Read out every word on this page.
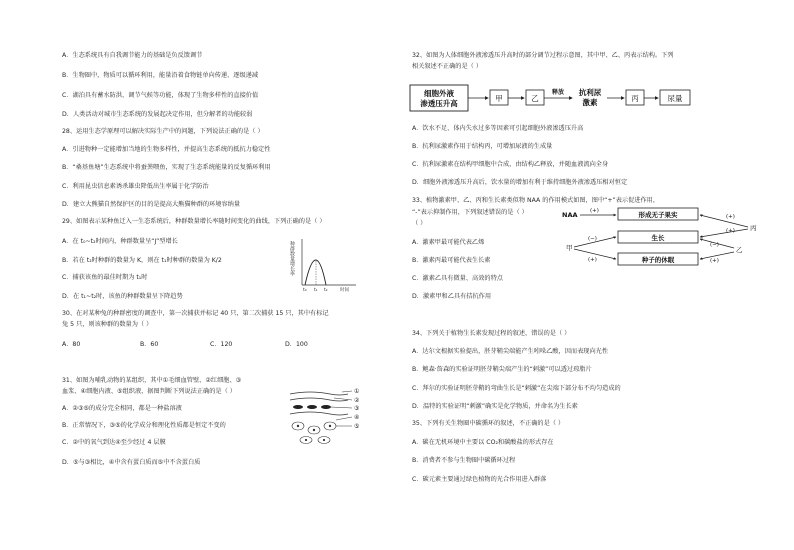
A．生态系统具有自我调节能力的基础是负反馈调节
B．生物圈中，物质可以循环利用，能量沿着食物链单向传递、逐级递减
C．湖泊具有蓄水防洪、调节气候等功能，体现了生物多样性的直接价值
D．人类活动对城市生态系统的发展起决定作用，但分解者的功能较弱
28、运用生态学原理可以解决实际生产中的问题，下列说法正确的是（ ）
A．引进物种一定能增加当地的生物多样性，并提高生态系统的抵抗力稳定性
B．“桑基鱼塘”生态系统中将蚕粪喂鱼，实现了生态系统能量的反复循环利用
C．利用昆虫信息素诱杀雄虫降低出生率属于化学防治
D．建立大熊猫自然保护区的目的是提高大熊猫种群的环境容纳量
29、如图表示某种鱼迁入一生态系统后，种群数量增长率随时间变化的曲线，下列正确的是（ ）
A．在 t₀~t₂时间内，种群数量呈“J”型增长
B．若在 t₂时种群的数量为 K，则在 t₁时种群的数量为 K/2
C．捕获该鱼的最佳时期为 t₁时
D．在 t₁~t₂时，该鱼的种群数量呈下降趋势
种群数量增长率
t₀ t₁ t₂	时间
30、在对某种兔的种群密度的调查中，第一次捕获并标记 40 只，第二次捕获 15 只，其中有标记
兔 5 只，则该种群的数量为（ ）
A．80	B．60	C．120	D．100
31、如图为哺乳动物的某组织，其中①毛细血管壁、②红细胞、③
血浆、④细胞内液、⑤组织液，据图判断下列说法正确的是（ ）
A．②③⑤的成分完全相同，都是一种盐溶液
B．正常情况下，③⑤的化学成分和理化性质都是恒定不变的
C．②中的氧气到达④至少经过 4 层膜
D．⑤与③相比，④中含有蛋白质而⑤中不含蛋白质
①
②
③
④
⑤
32、如图为人体细胞外液渗透压升高时的部分调节过程示意图，其中甲、乙、丙表示结构。下列
相关叙述不正确的是（ ）
细胞外液
渗透压升高
甲	乙
释放 抗利尿
激素	丙	尿量
A．饮水不足、体内失水过多等因素可引起细胞外液渗透压升高
B．抗利尿激素作用于结构丙，可增加尿液的生成量
C．抗利尿激素在结构甲细胞中合成，由结构乙释放，并随血液流向全身
D．细胞外液渗透压升高后，饮水量的增加有利于维持细胞外液渗透压相对恒定
33、植物激素甲、乙、丙和生长素类似物 NAA 的作用模式如图，图中“+”表示促进作用，
“-”表示抑制作用，下列叙述错误的是（ ）
（ ）
A．激素甲最可能代表乙烯
B．激素丙最可能代表生长素
C．激素乙具有微量、高效的特点
D．激素甲和乙具有拮抗作用
NAA (+)	形成无子果实
生长
种子的休眠
甲
(−)
(+)
丙
(+)
(+)
乙
(−)
(+)
34、下列关于植物生长素发现过程的叙述，错误的是（ ）
A．达尔文根据实验提出，胚芽鞘尖端能产生吲哚乙酸，因而表现向光性
B．鲍森·詹森的实验证明胚芽鞘尖端产生的“刺激”可以透过琼脂片
C．拜尔的实验证明胚芽鞘的弯曲生长是“刺激”在尖端下部分布不均匀造成的
D．温特的实验证明“刺激”确实是化学物质，并命名为生长素
35、下列有关生物圈中碳循环的叙述，不正确的是（ ）
A．碳在无机环境中主要以 CO₂和碳酸盐的形式存在
B．消费者不参与生物圈中碳循环过程
C．碳元素主要通过绿色植物的光合作用进入群落
